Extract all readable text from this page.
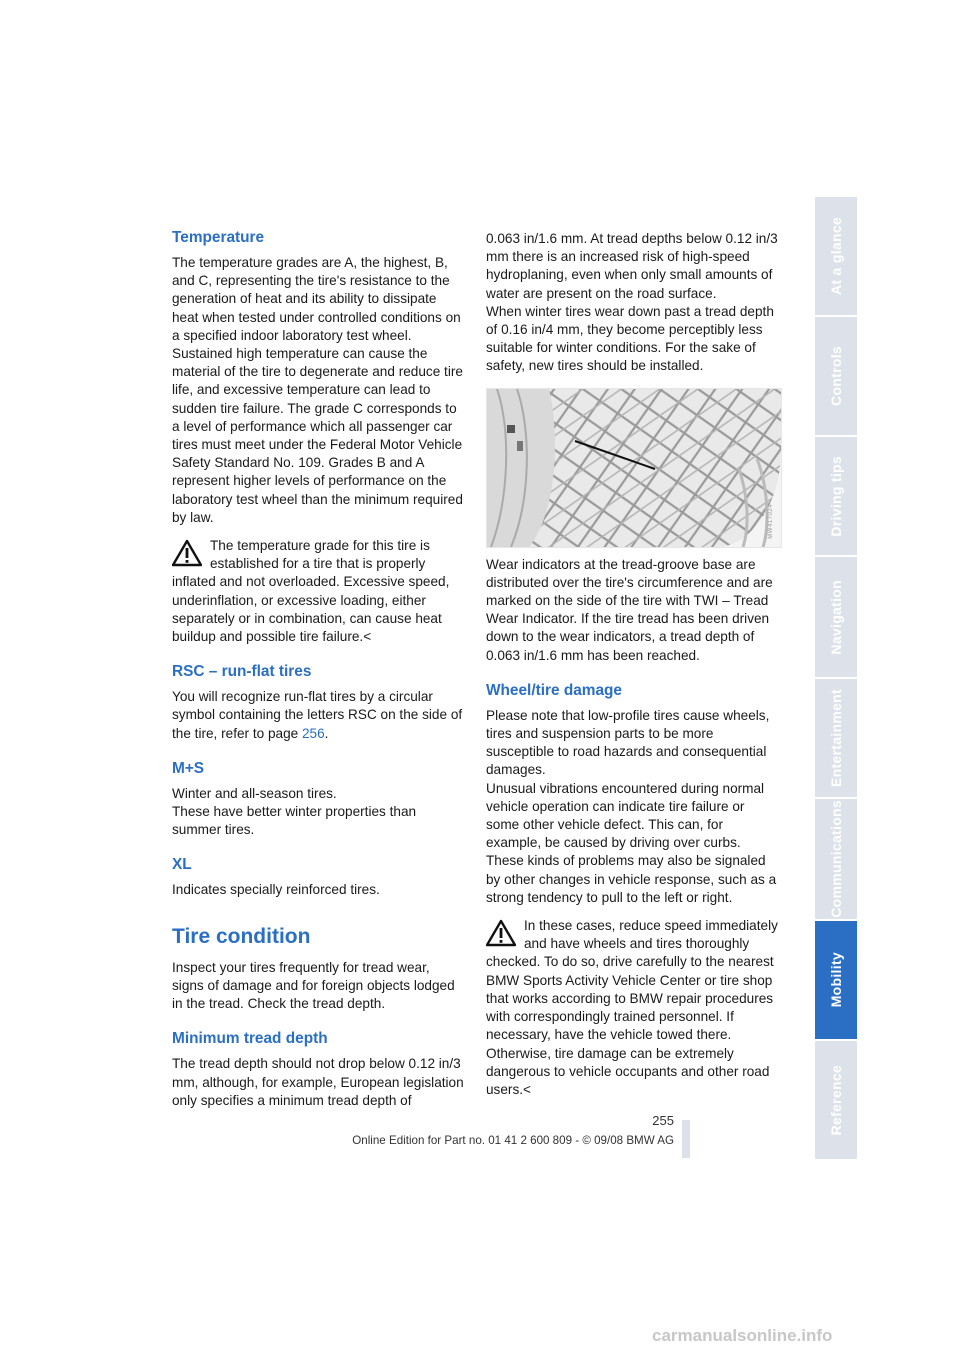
Temperature

The temperature grades are A, the highest, B, and C, representing the tire's resistance to the generation of heat and its ability to dissipate heat when tested under controlled conditions on a specified indoor laboratory test wheel. Sustained high temperature can cause the material of the tire to degenerate and reduce tire life, and excessive temperature can lead to sudden tire failure. The grade C corresponds to a level of performance which all passenger car tires must meet under the Federal Motor Vehicle Safety Standard No. 109. Grades B and A represent higher levels of performance on the laboratory test wheel than the minimum required by law.

The temperature grade for this tire is established for a tire that is properly inflated and not overloaded. Excessive speed, underinflation, or excessive loading, either separately or in combination, can cause heat buildup and possible tire failure.<

RSC – run-flat tires

You will recognize run-flat tires by a circular symbol containing the letters RSC on the side of the tire, refer to page 256.

M+S

Winter and all-season tires.

These have better winter properties than summer tires.

XL

Indicates specially reinforced tires.

Tire condition

Inspect your tires frequently for tread wear, signs of damage and for foreign objects lodged in the tread. Check the tread depth.

Minimum tread depth

The tread depth should not drop below 0.12 in/3 mm, although, for example, European legislation only specifies a minimum tread depth of

0.063 in/1.6 mm. At tread depths below 0.12 in/3 mm there is an increased risk of high-speed hydroplaning, even when only small amounts of water are present on the road surface.

When winter tires wear down past a tread depth of 0.16 in/4 mm, they become perceptibly less suitable for winter conditions. For the sake of safety, new tires should be installed.

MW417024

Wear indicators at the tread-groove base are distributed over the tire's circumference and are marked on the side of the tire with TWI – Tread Wear Indicator. If the tire tread has been driven down to the wear indicators, a tread depth of 0.063 in/1.6 mm has been reached.

Wheel/tire damage

Please note that low-profile tires cause wheels, tires and suspension parts to be more susceptible to road hazards and consequential damages.

Unusual vibrations encountered during normal vehicle operation can indicate tire failure or some other vehicle defect. This can, for example, be caused by driving over curbs. These kinds of problems may also be signaled by other changes in vehicle response, such as a strong tendency to pull to the left or right.

In these cases, reduce speed immediately and have wheels and tires thoroughly checked. To do so, drive carefully to the nearest BMW Sports Activity Vehicle Center or tire shop that works according to BMW repair procedures with correspondingly trained personnel. If necessary, have the vehicle towed there. Otherwise, tire damage can be extremely dangerous to vehicle occupants and other road users.<

At a glance
Controls
Driving tips
Navigation
Entertainment
Communications
Mobility
Reference
255
Online Edition for Part no. 01 41 2 600 809 - © 09/08 BMW AG
carmanualsonline.info
